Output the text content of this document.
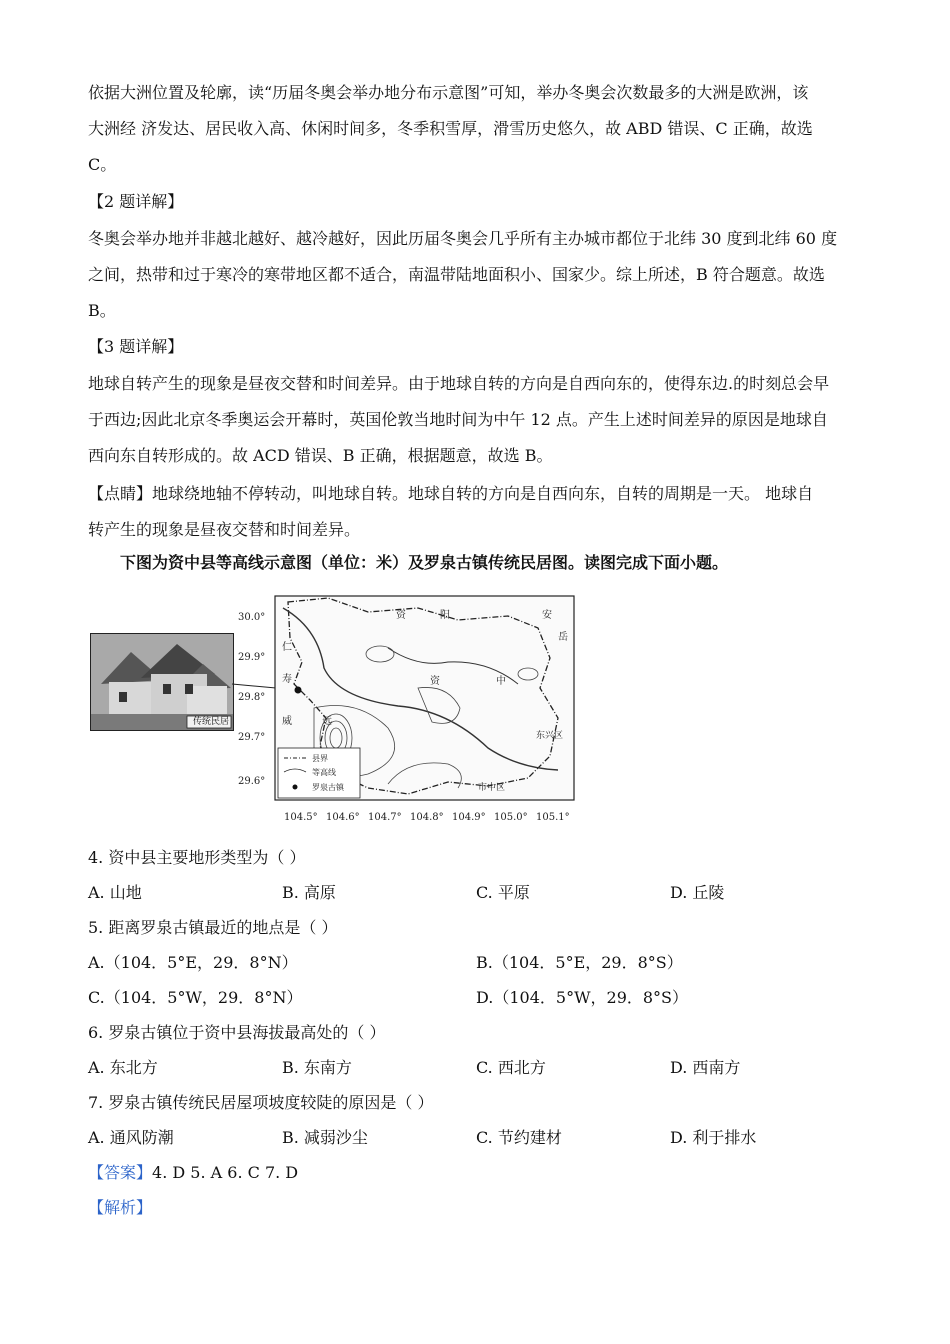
依据大洲位置及轮廓，读“历届冬奥会举办地分布示意图”可知，举办冬奥会次数最多的大洲是欧洲，该
大洲经 济发达、居民收入高、休闲时间多，冬季积雪厚，滑雪历史悠久，故 ABD 错误、C 正确，故选
C。
【2 题详解】
冬奥会举办地并非越北越好、越冷越好，因此历届冬奥会几乎所有主办城市都位于北纬 30 度到北纬 60 度
之间，热带和过于寒冷的寒带地区都不适合，南温带陆地面积小、国家少。综上所述，B 符合题意。故选
B。
【3 题详解】
地球自转产生的现象是昼夜交替和时间差异。由于地球自转的方向是自西向东的，使得东边.的时刻总会早
于西边;因此北京冬季奥运会开幕时，英国伦敦当地时间为中午 12 点。产生上述时间差异的原因是地球自
西向东自转形成的。故 ACD 错误、B 正确，根据题意，故选 B。
【点睛】地球绕地轴不停转动，叫地球自转。地球自转的方向是自西向东，自转的周期是一天。 地球自
转产生的现象是昼夜交替和时间差异。
下图为资中县等高线示意图（单位：米）及罗泉古镇传统民居图。读图完成下面小题。
传统民居
30.0°
29.9°
29.8°
29.7°
29.6°
104.5° 104.6° 104.7° 104.8° 104.9° 105.0° 105.1°
资	阳	安
岳
仁
寿	资	中
威	远
东兴区
市中区
县界
等高线
罗泉古镇
4. 资中县主要地形类型为（ ）
A. 山地	B. 高原	C. 平原	D. 丘陵
5. 距离罗泉古镇最近的地点是（ ）
A.（104．5°E，29．8°N）	B.（104．5°E，29．8°S）
C.（104．5°W，29．8°N）	D.（104．5°W，29．8°S）
6. 罗泉古镇位于资中县海拔最高处的（ ）
A. 东北方	B. 东南方	C. 西北方	D. 西南方
7. 罗泉古镇传统民居屋项坡度较陡的原因是（ ）
A. 通风防潮	B. 减弱沙尘	C. 节约建材	D. 利于排水
【答案】4. D 5. A 6. C 7. D
【解析】
